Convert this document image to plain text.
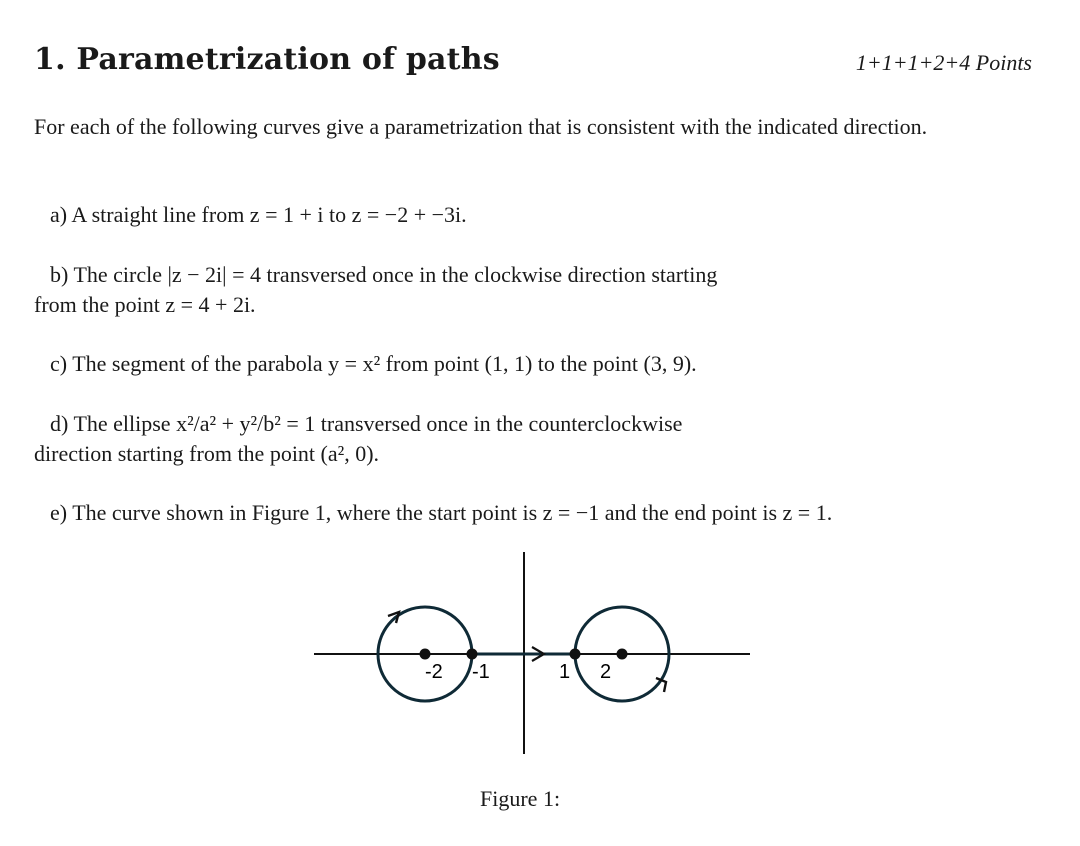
1. Parametrization of paths	1+1+1+2+4 Points
For each of the following curves give a parametrization that is consistent with the indicated direction.
a) A straight line from z = 1 + i to z = −2 + −3i.
b) The circle |z − 2i| = 4 transversed once in the clockwise direction starting
from the point z = 4 + 2i.
c) The segment of the parabola y = x² from point (1, 1) to the point (3, 9).
d) The ellipse x²/a² + y²/b² = 1 transversed once in the counterclockwise
direction starting from the point (a², 0).
e) The curve shown in Figure 1, where the start point is z = −1 and the end point is z = 1.
-2 -1	1 2
Figure 1:
